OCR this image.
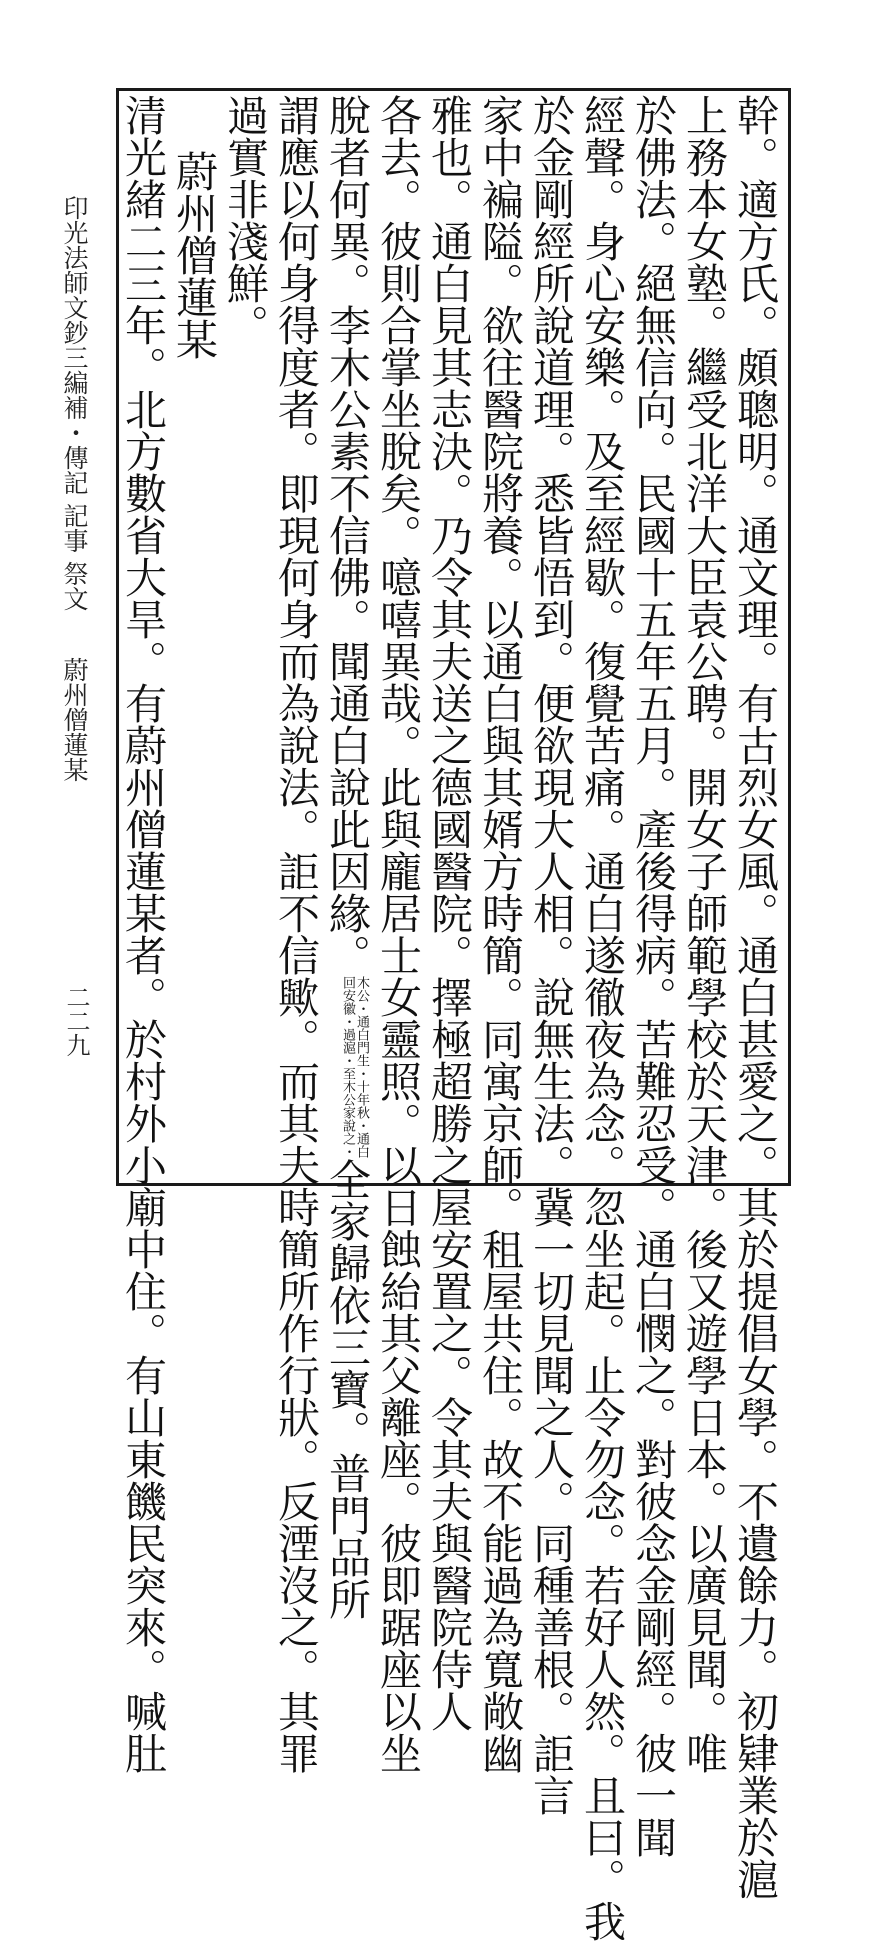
印光法師文鈔三編補・傳記 記事 祭文 蔚州僧蓮某
二二九	幹。適方氏。頗聰明。通文理。有古烈女風。通白甚愛之。其於提倡女學。不遺餘力。初肄業於滬
上務本女塾。繼受北洋大臣袁公聘。開女子師範學校於天津。後又遊學日本。以廣見聞。唯
於佛法。絕無信向。民國十五年五月。產後得病。苦難忍受。通白憫之。對彼念金剛經。彼一聞
經聲。身心安樂。及至經歇。復覺苦痛。通白遂徹夜為念。忽坐起。止令勿念。若好人然。且曰。我
於金剛經所說道理。悉皆悟到。便欲現大人相。說無生法。冀一切見聞之人。同種善根。詎言
家中褊隘。欲往醫院將養。以通白與其婿方時簡。同寓京師。租屋共住。故不能過為寬敞幽
雅也。通白見其志決。乃令其夫送之德國醫院。擇極超勝之屋安置之。令其夫與醫院侍人
各去。彼則合掌坐脫矣。噫嘻異哉。此與龐居士女靈照。以日蝕紿其父離座。彼即踞座以坐
脫者何異。李木公素不信佛。聞通白說此因緣。木公・通白門生・十年秋・通白
回安徽・過滬・至木公家說之・全家歸依三寶。普門品所
謂應以何身得度者。即現何身而為說法。詎不信歟。而其夫時簡所作行狀。反湮沒之。其罪
過實非淺鮮。
蔚州僧蓮某
清光緒二三年。北方數省大旱。有蔚州僧蓮某者。於村外小廟中住。有山東饑民突來。喊肚
